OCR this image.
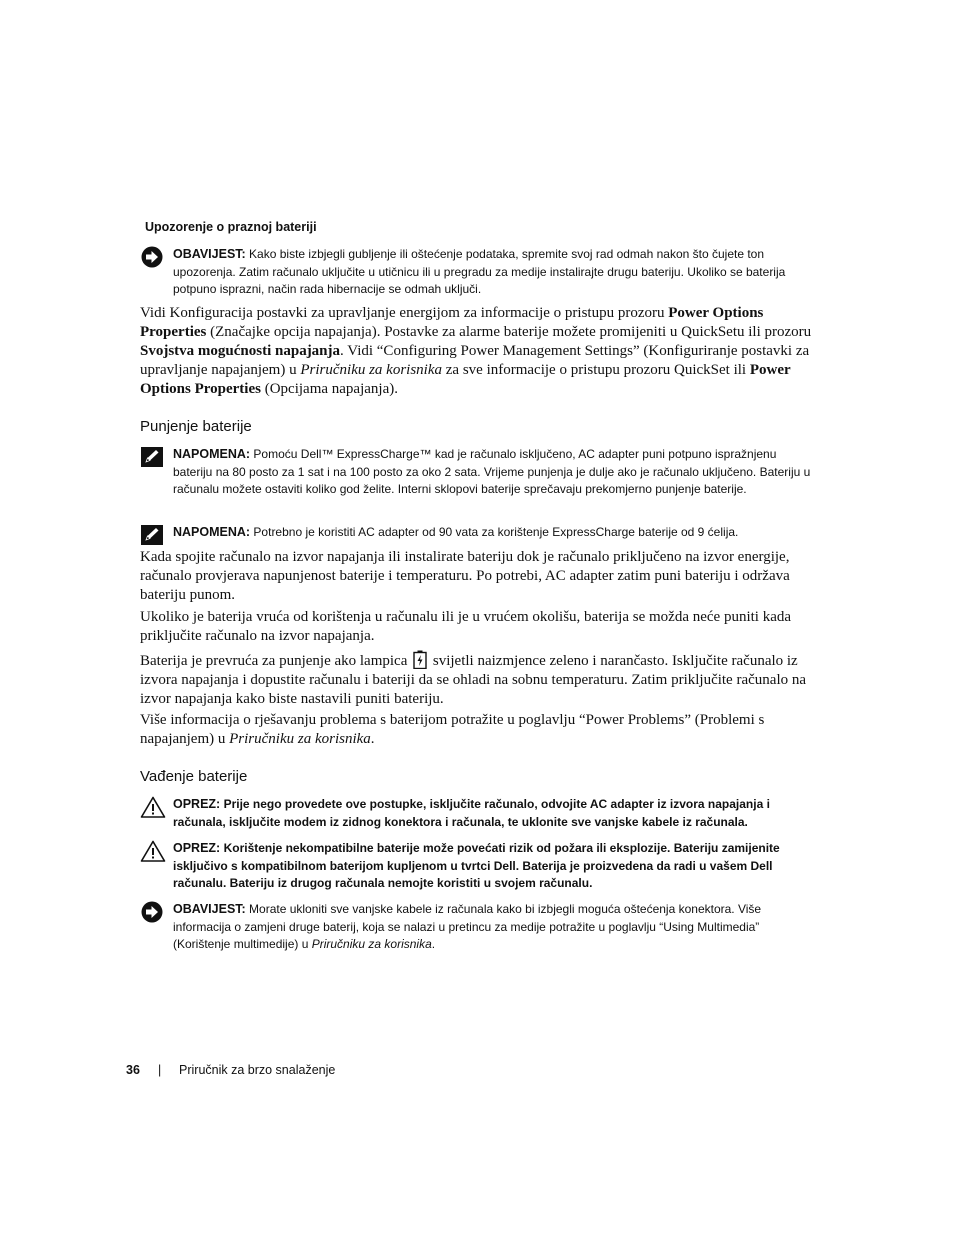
Upozorenje o praznoj bateriji
OBAVIJEST: Kako biste izbjegli gubljenje ili oštećenje podataka, spremite svoj rad odmah nakon što čujete ton upozorenja. Zatim računalo uključite u utičnicu ili u pregradu za medije instalirajte drugu bateriju. Ukoliko se baterija potpuno isprazni, način rada hibernacije se odmah uključi.
Vidi Konfiguracija postavki za upravljanje energijom za informacije o pristupu prozoru Power Options Properties (Značajke opcija napajanja). Postavke za alarme baterije možete promijeniti u QuickSetu ili prozoru Svojstva mogućnosti napajanja. Vidi “Configuring Power Management Settings” (Konfiguriranje postavki za upravljanje napajanjem) u Priručniku za korisnika za sve informacije o pristupu prozoru QuickSet ili Power Options Properties (Opcijama napajanja).
Punjenje baterije
NAPOMENA: Pomoću Dell™ ExpressCharge™ kad je računalo isključeno, AC adapter puni potpuno ispražnjenu bateriju na 80 posto za 1 sat i na 100 posto za oko 2 sata. Vrijeme punjenja je dulje ako je računalo uključeno. Bateriju u računalu možete ostaviti koliko god želite. Interni sklopovi baterije sprečavaju prekomjerno punjenje baterije.
NAPOMENA: Potrebno je koristiti AC adapter od 90 vata za korištenje ExpressCharge baterije od 9 ćelija.
Kada spojite računalo na izvor napajanja ili instalirate bateriju dok je računalo priključeno na izvor energije, računalo provjerava napunjenost baterije i temperaturu. Po potrebi, AC adapter zatim puni bateriju i održava bateriju punom.
Ukoliko je baterija vruća od korištenja u računalu ili je u vrućem okolišu, baterija se možda neće puniti kada priključite računalo na izvor napajanja.
Baterija je prevruća za punjenje ako lampica  svijetli naizmjence zeleno i narančasto. Isključite računalo iz izvora napajanja i dopustite računalu i bateriji da se ohladi na sobnu temperaturu. Zatim priključite računalo na izvor napajanja kako biste nastavili puniti bateriju.
Više informacija o rješavanju problema s baterijom potražite u poglavlju “Power Problems” (Problemi s napajanjem) u Priručniku za korisnika.
Vađenje baterije
OPREZ: Prije nego provedete ove postupke, isključite računalo, odvojite AC adapter iz izvora napajanja i računala, isključite modem iz zidnog konektora i računala, te uklonite sve vanjske kabele iz računala.
OPREZ: Korištenje nekompatibilne baterije može povećati rizik od požara ili eksplozije. Bateriju zamijenite isključivo s kompatibilnom baterijom kupljenom u tvrtci Dell. Baterija je proizvedena da radi u vašem Dell računalu. Bateriju iz drugog računala nemojte koristiti u svojem računalu.
OBAVIJEST: Morate ukloniti sve vanjske kabele iz računala kako bi izbjegli moguća oštećenja konektora. Više informacija o zamjeni druge baterij, koja se nalazi u pretincu za medije potražite u poglavlju “Using Multimedia” (Korištenje multimedije) u Priručniku za korisnika.
36 | Priručnik za brzo snalaženje
